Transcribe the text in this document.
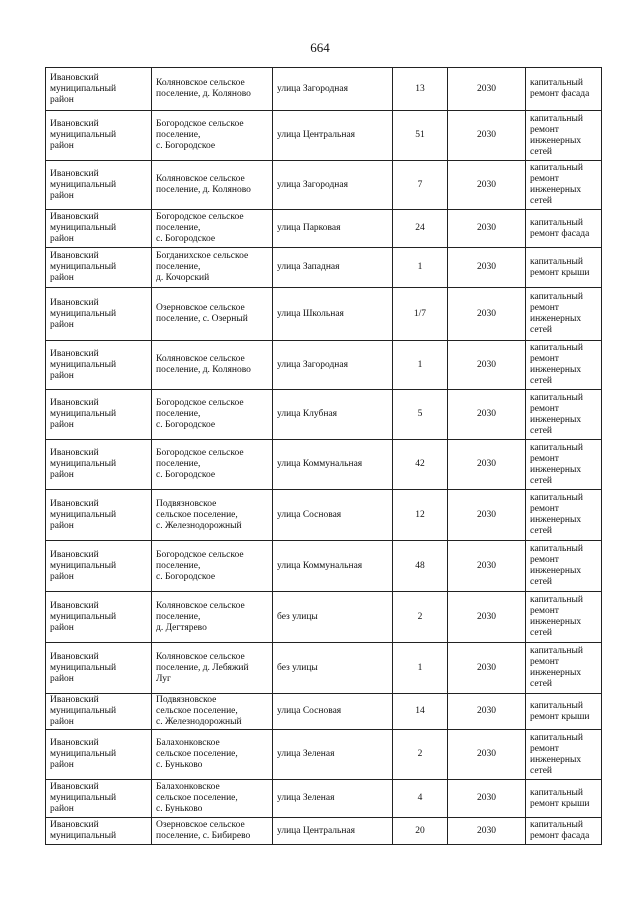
664
Ивановский
муниципальный
район	Коляновское сельское
поселение, д. Коляново	улица Загородная	13	2030	капитальный
ремонт фасада
Ивановский
муниципальный
район	Богородское сельское
поселение,
с. Богородское	улица Центральная	51	2030	капитальный
ремонт
инженерных
сетей
Ивановский
муниципальный
район	Коляновское сельское
поселение, д. Коляново	улица Загородная	7	2030	капитальный
ремонт
инженерных
сетей
Ивановский
муниципальный
район	Богородское сельское
поселение,
с. Богородское	улица Парковая	24	2030	капитальный
ремонт фасада
Ивановский
муниципальный
район	Богданихское сельское
поселение,
д. Кочорский	улица Западная	1	2030	капитальный
ремонт крыши
Ивановский
муниципальный
район	Озерновское сельское
поселение, с. Озерный	улица Школьная	1/7	2030	капитальный
ремонт
инженерных
сетей
Ивановский
муниципальный
район	Коляновское сельское
поселение, д. Коляново	улица Загородная	1	2030	капитальный
ремонт
инженерных
сетей
Ивановский
муниципальный
район	Богородское сельское
поселение,
с. Богородское	улица Клубная	5	2030	капитальный
ремонт
инженерных
сетей
Ивановский
муниципальный
район	Богородское сельское
поселение,
с. Богородское	улица Коммунальная	42	2030	капитальный
ремонт
инженерных
сетей
Ивановский
муниципальный
район	Подвязновское
сельское поселение,
с. Железнодорожный	улица Сосновая	12	2030	капитальный
ремонт
инженерных
сетей
Ивановский
муниципальный
район	Богородское сельское
поселение,
с. Богородское	улица Коммунальная	48	2030	капитальный
ремонт
инженерных
сетей
Ивановский
муниципальный
район	Коляновское сельское
поселение,
д. Дегтярево	без улицы	2	2030	капитальный
ремонт
инженерных
сетей
Ивановский
муниципальный
район	Коляновское сельское
поселение, д. Лебяжий
Луг	без улицы	1	2030	капитальный
ремонт
инженерных
сетей
Ивановский
муниципальный
район	Подвязновское
сельское поселение,
с. Железнодорожный	улица Сосновая	14	2030	капитальный
ремонт крыши
Ивановский
муниципальный
район	Балахонковское
сельское поселение,
с. Буньково	улица Зеленая	2	2030	капитальный
ремонт
инженерных
сетей
Ивановский
муниципальный
район	Балахонковское
сельское поселение,
с. Буньково	улица Зеленая	4	2030	капитальный
ремонт крыши
Ивановский
муниципальный	Озерновское сельское
поселение, с. Бибирево	улица Центральная	20	2030	капитальный
ремонт фасада
